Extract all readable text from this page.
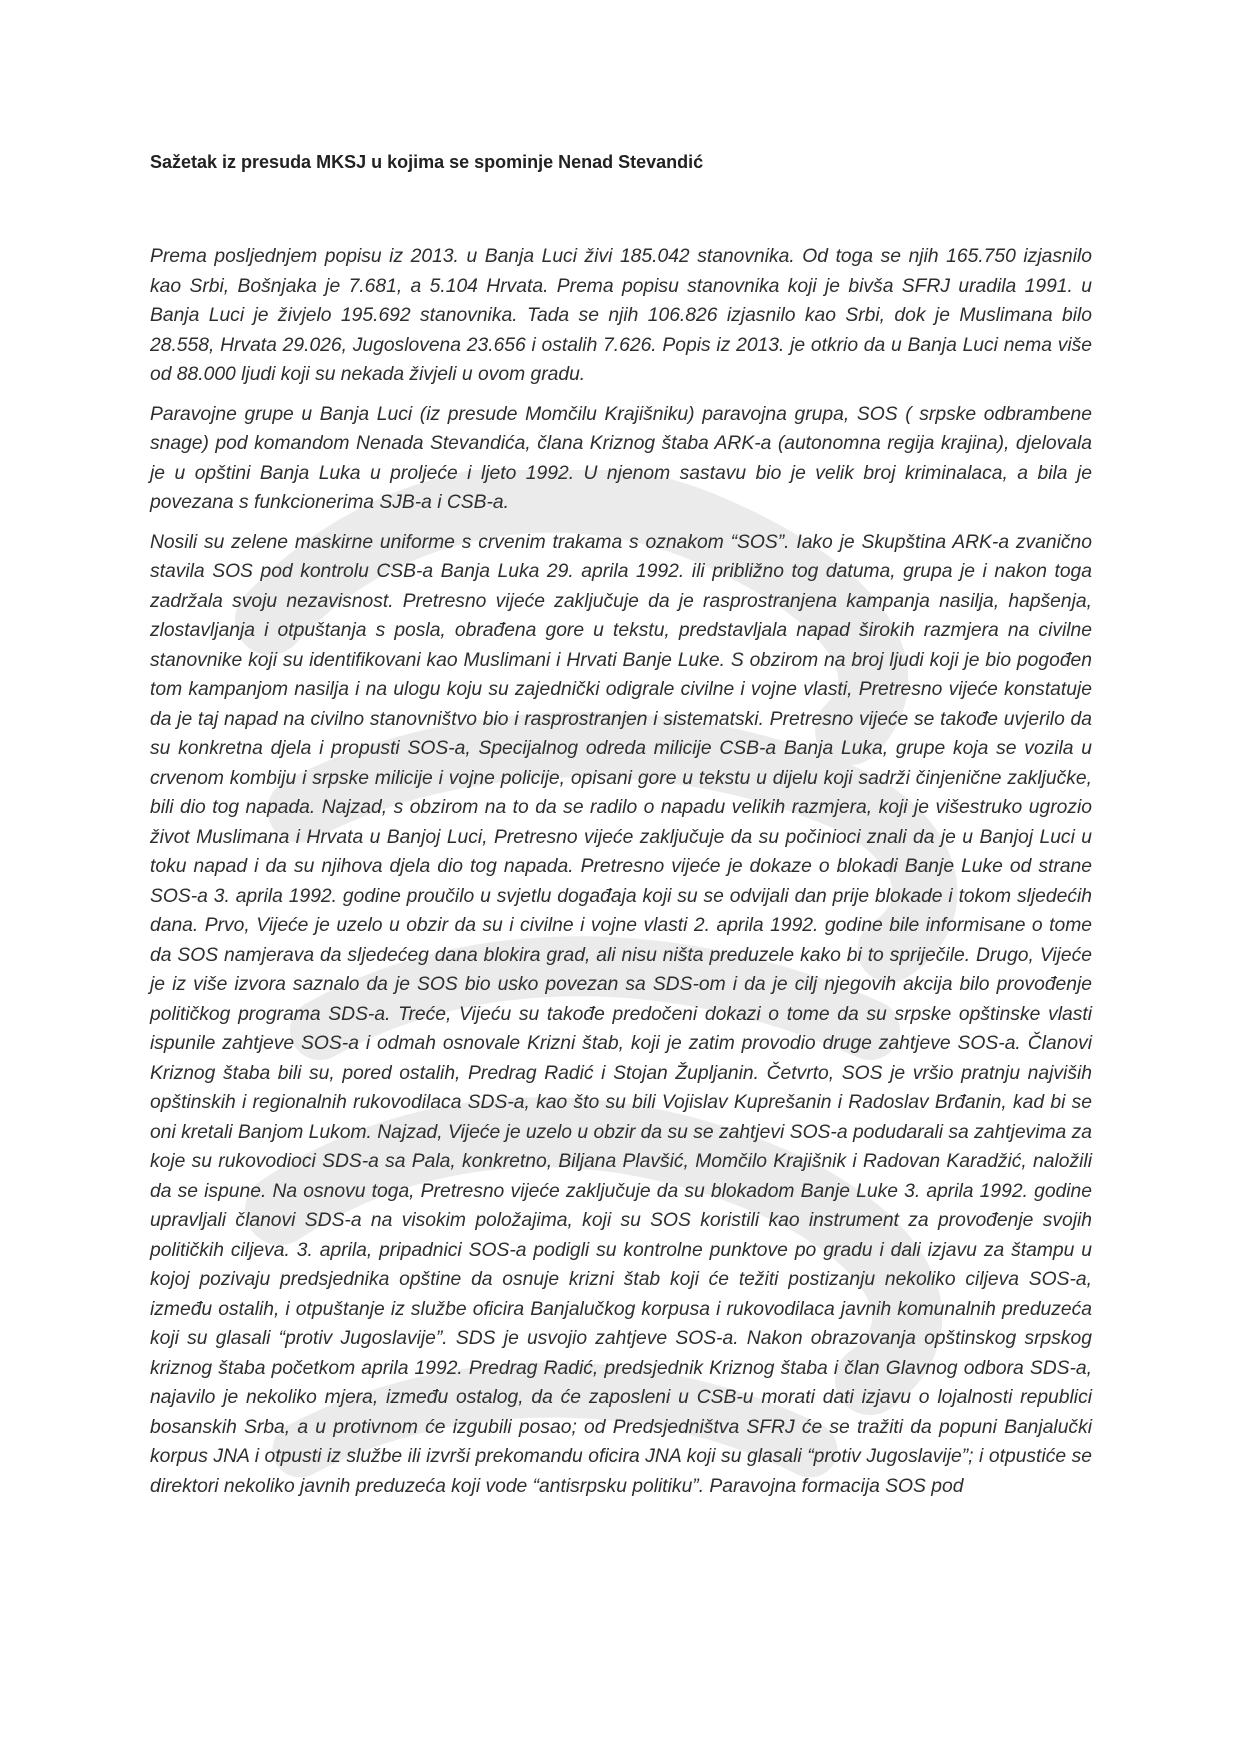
Sažetak iz presuda MKSJ u kojima se spominje Nenad Stevandić

Prema posljednjem popisu iz 2013. u Banja Luci živi 185.042 stanovnika. Od toga se njih 165.750 izjasnilo kao Srbi, Bošnjaka je 7.681, a 5.104 Hrvata. Prema popisu stanovnika koji je bivša SFRJ uradila 1991. u Banja Luci je živjelo 195.692 stanovnika. Tada se njih 106.826 izjasnilo kao Srbi, dok je Muslimana bilo 28.558, Hrvata 29.026, Jugoslovena 23.656 i ostalih 7.626. Popis iz 2013. je otkrio da u Banja Luci nema više od 88.000 ljudi koji su nekada živjeli u ovom gradu.

Paravojne grupe u Banja Luci (iz presude Momčilu Krajišniku) paravojna grupa, SOS ( srpske odbrambene snage) pod komandom Nenada Stevandića, člana Kriznog štaba ARK-a (autonomna regija krajina), djelovala je u opštini Banja Luka u proljeće i ljeto 1992. U njenom sastavu bio je velik broj kriminalaca, a bila je povezana s funkcionerima SJB-a i CSB-a.

Nosili su zelene maskirne uniforme s crvenim trakama s oznakom “SOS”. Iako je Skupština ARK-a zvanično stavila SOS pod kontrolu CSB-a Banja Luka 29. aprila 1992. ili približno tog datuma, grupa je i nakon toga zadržala svoju nezavisnost. Pretresno vijeće zaključuje da je rasprostranjena kampanja nasilja, hapšenja, zlostavljanja i otpuštanja s posla, obrađena gore u tekstu, predstavljala napad širokih razmjera na civilne stanovnike koji su identifikovani kao Muslimani i Hrvati Banje Luke. S obzirom na broj ljudi koji je bio pogođen tom kampanjom nasilja i na ulogu koju su zajednički odigrale civilne i vojne vlasti, Pretresno vijeće konstatuje da je taj napad na civilno stanovništvo bio i rasprostranjen i sistematski. Pretresno vijeće se takođe uvjerilo da su konkretna djela i propusti SOS-a, Specijalnog odreda milicije CSB-a Banja Luka, grupe koja se vozila u crvenom kombiju i srpske milicije i vojne policije, opisani gore u tekstu u dijelu koji sadrži činjenične zaključke, bili dio tog napada. Najzad, s obzirom na to da se radilo o napadu velikih razmjera, koji je višestruko ugrozio život Muslimana i Hrvata u Banjoj Luci, Pretresno vijeće zaključuje da su počinioci znali da je u Banjoj Luci u toku napad i da su njihova djela dio tog napada. Pretresno vijeće je dokaze o blokadi Banje Luke od strane SOS-a 3. aprila 1992. godine proučilo u svjetlu događaja koji su se odvijali dan prije blokade i tokom sljedećih dana. Prvo, Vijeće je uzelo u obzir da su i civilne i vojne vlasti 2. aprila 1992. godine bile informisane o tome da SOS namjerava da sljedećeg dana blokira grad, ali nisu ništa preduzele kako bi to spriječile. Drugo, Vijeće je iz više izvora saznalo da je SOS bio usko povezan sa SDS-om i da je cilj njegovih akcija bilo provođenje političkog programa SDS-a. Treće, Vijeću su takođe predočeni dokazi o tome da su srpske opštinske vlasti ispunile zahtjeve SOS-a i odmah osnovale Krizni štab, koji je zatim provodio druge zahtjeve SOS-a. Članovi Kriznog štaba bili su, pored ostalih, Predrag Radić i Stojan Župljanin. Četvrto, SOS je vršio pratnju najviših opštinskih i regionalnih rukovodilaca SDS-a, kao što su bili Vojislav Kuprešanin i Radoslav Brđanin, kad bi se oni kretali Banjom Lukom. Najzad, Vijeće je uzelo u obzir da su se zahtjevi SOS-a podudarali sa zahtjevima za koje su rukovodioci SDS-a sa Pala, konkretno, Biljana Plavšić, Momčilo Krajišnik i Radovan Karadžić, naložili da se ispune. Na osnovu toga, Pretresno vijeće zaključuje da su blokadom Banje Luke 3. aprila 1992. godine upravljali članovi SDS-a na visokim položajima, koji su SOS koristili kao instrument za provođenje svojih političkih ciljeva. 3. aprila, pripadnici SOS-a podigli su kontrolne punktove po gradu i dali izjavu za štampu u kojoj pozivaju predsjednika opštine da osnuje krizni štab koji će težiti postizanju nekoliko ciljeva SOS-a, između ostalih, i otpuštanje iz službe oficira Banjalučkog korpusa i rukovodilaca javnih komunalnih preduzeća koji su glasali “protiv Jugoslavije”. SDS je usvojio zahtjeve SOS-a. Nakon obrazovanja opštinskog srpskog kriznog štaba početkom aprila 1992. Predrag Radić, predsjednik Kriznog štaba i član Glavnog odbora SDS-a, najavilo je nekoliko mjera, između ostalog, da će zaposleni u CSB-u morati dati izjavu o lojalnosti republici bosanskih Srba, a u protivnom će izgubili posao; od Predsjedništva SFRJ će se tražiti da popuni Banjalučki korpus JNA i otpusti iz službe ili izvrši prekomandu oficira JNA koji su glasali “protiv Jugoslavije”; i otpustiće se direktori nekoliko javnih preduzeća koji vode “antisrpsku politiku”. Paravojna formacija SOS pod
